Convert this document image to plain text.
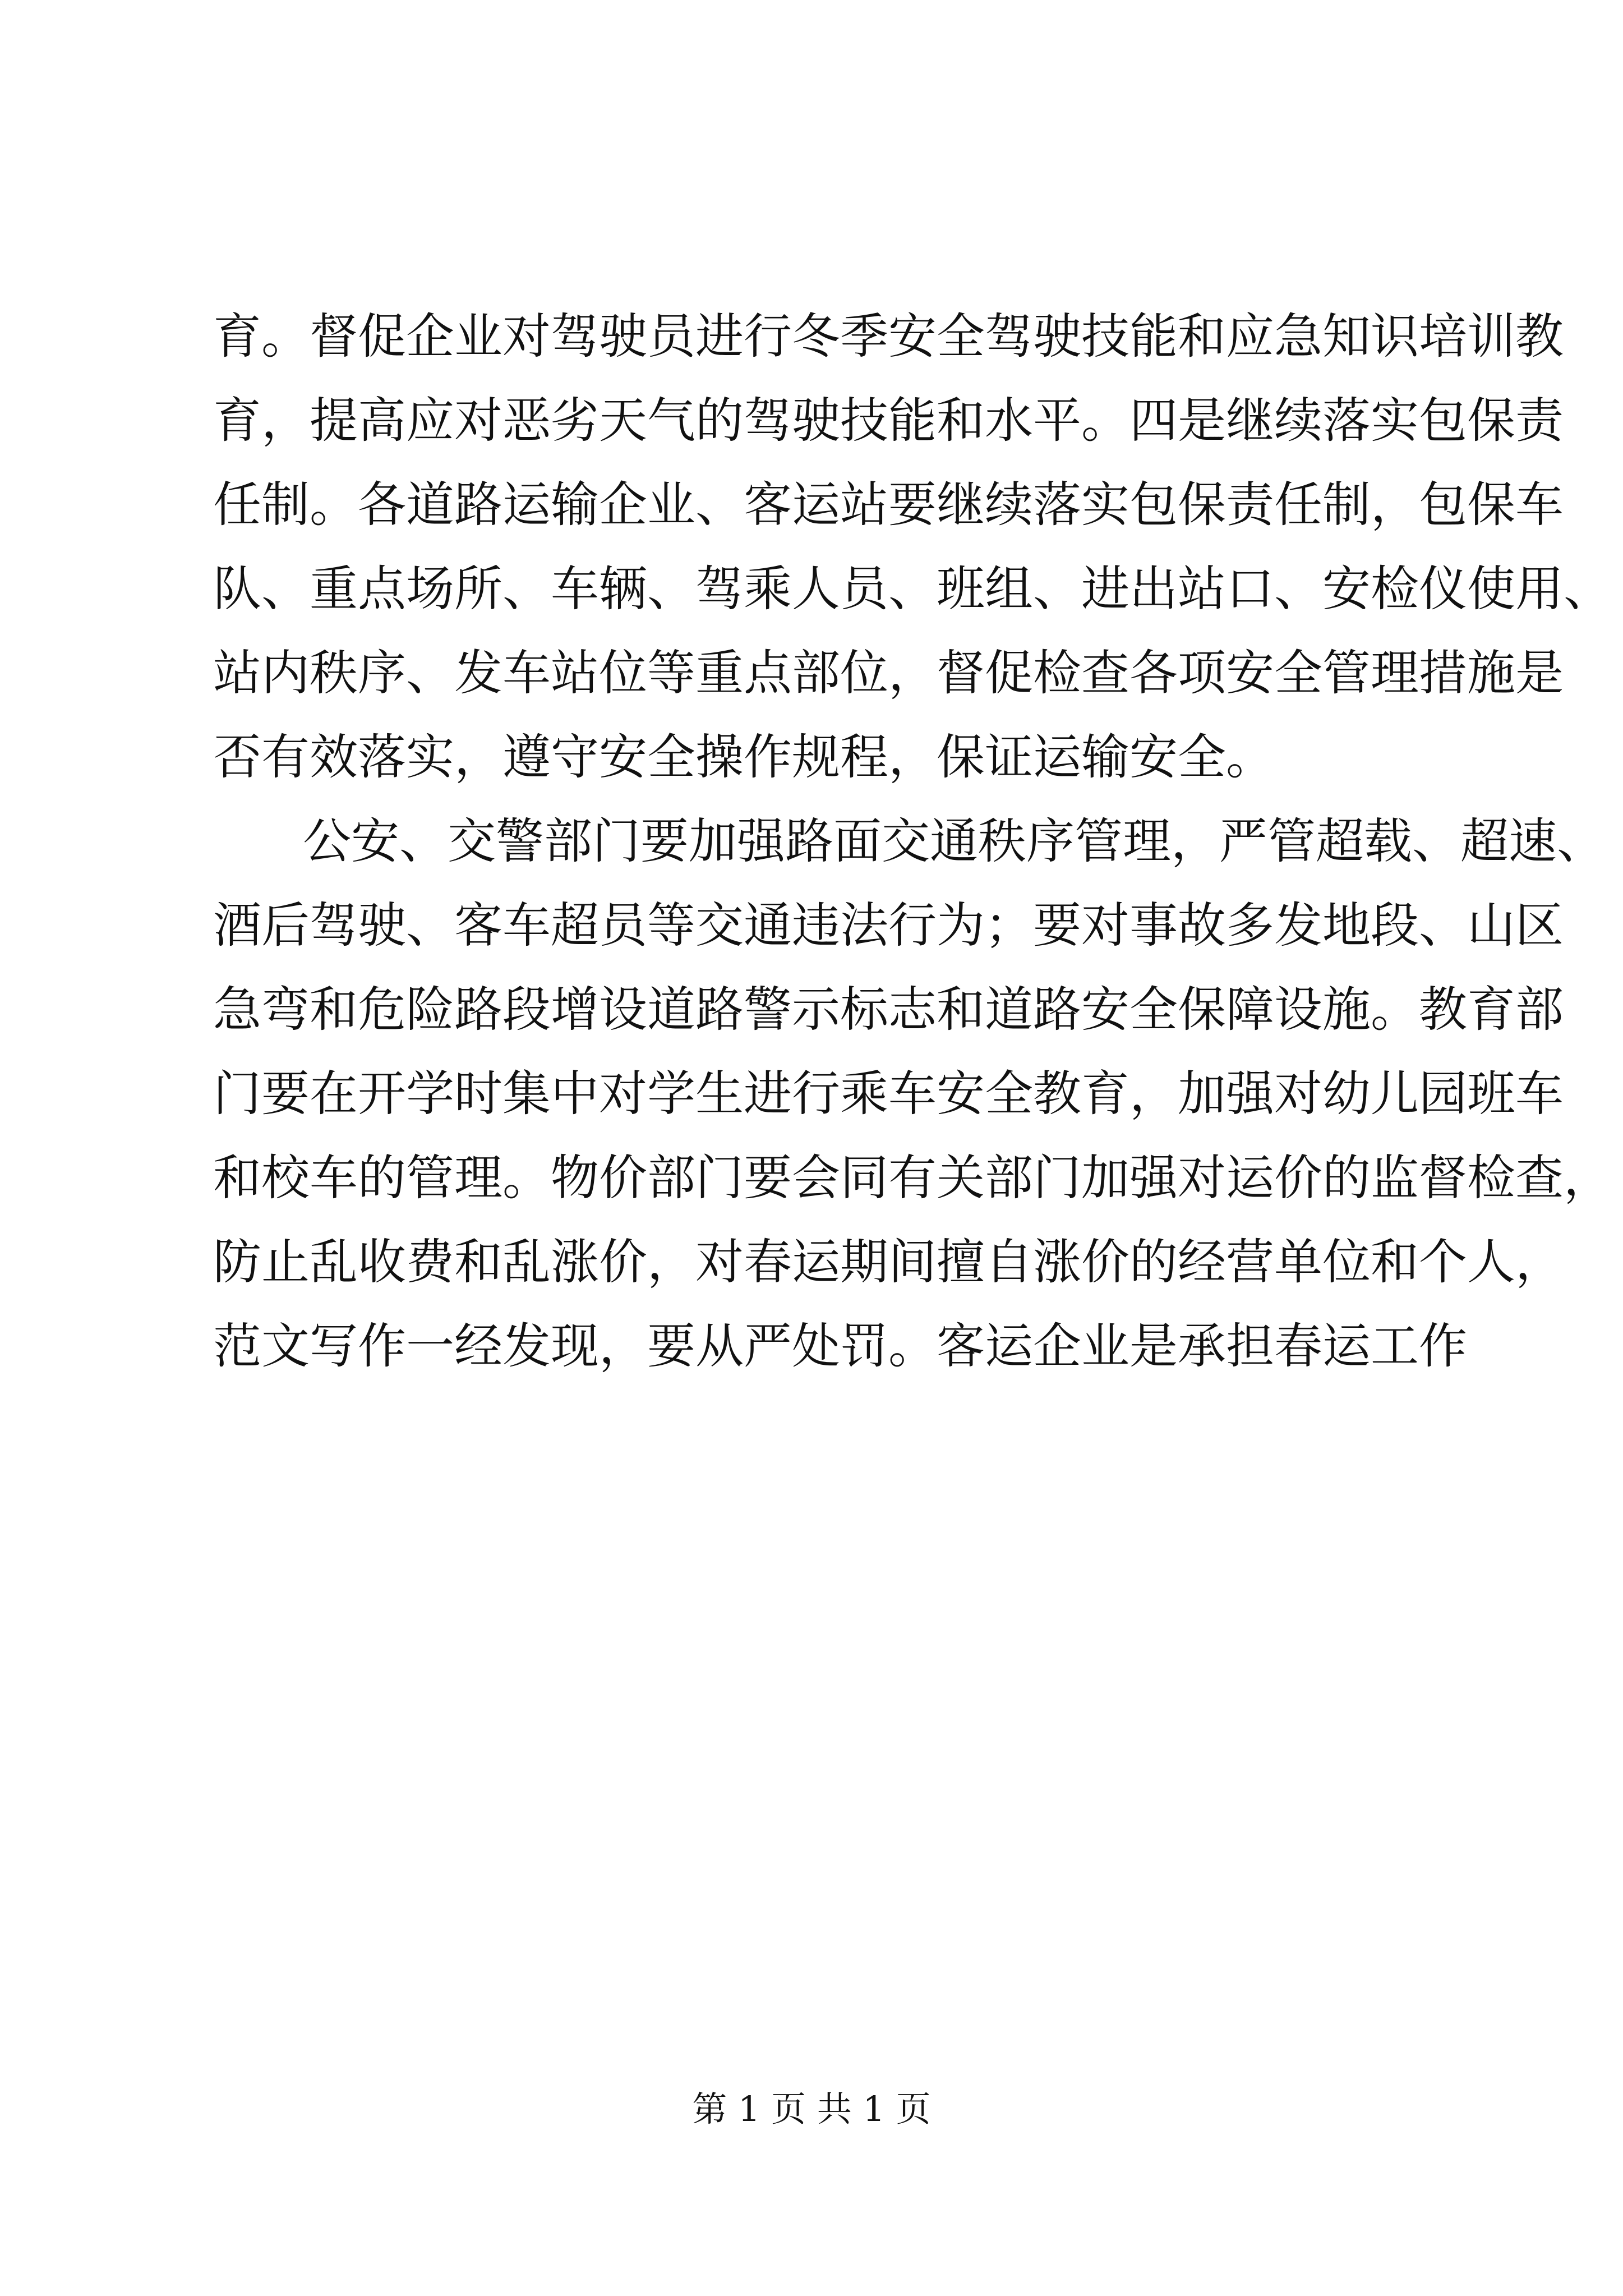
育。督促企业对驾驶员进行冬季安全驾驶技能和应急知识培训教
育，提高应对恶劣天气的驾驶技能和水平。四是继续落实包保责
任制。各道路运输企业、客运站要继续落实包保责任制，包保车
队、重点场所、车辆、驾乘人员、班组、进出站口、安检仪使用、
站内秩序、发车站位等重点部位，督促检查各项安全管理措施是
否有效落实，遵守安全操作规程，保证运输安全。
公安、交警部门要加强路面交通秩序管理，严管超载、超速、
酒后驾驶、客车超员等交通违法行为；要对事故多发地段、山区
急弯和危险路段增设道路警示标志和道路安全保障设施。教育部
门要在开学时集中对学生进行乘车安全教育，加强对幼儿园班车
和校车的管理。物价部门要会同有关部门加强对运价的监督检查，
防止乱收费和乱涨价，对春运期间擅自涨价的经营单位和个人，
范文写作一经发现，要从严处罚。客运企业是承担春运工作
第 1 页 共 1 页
